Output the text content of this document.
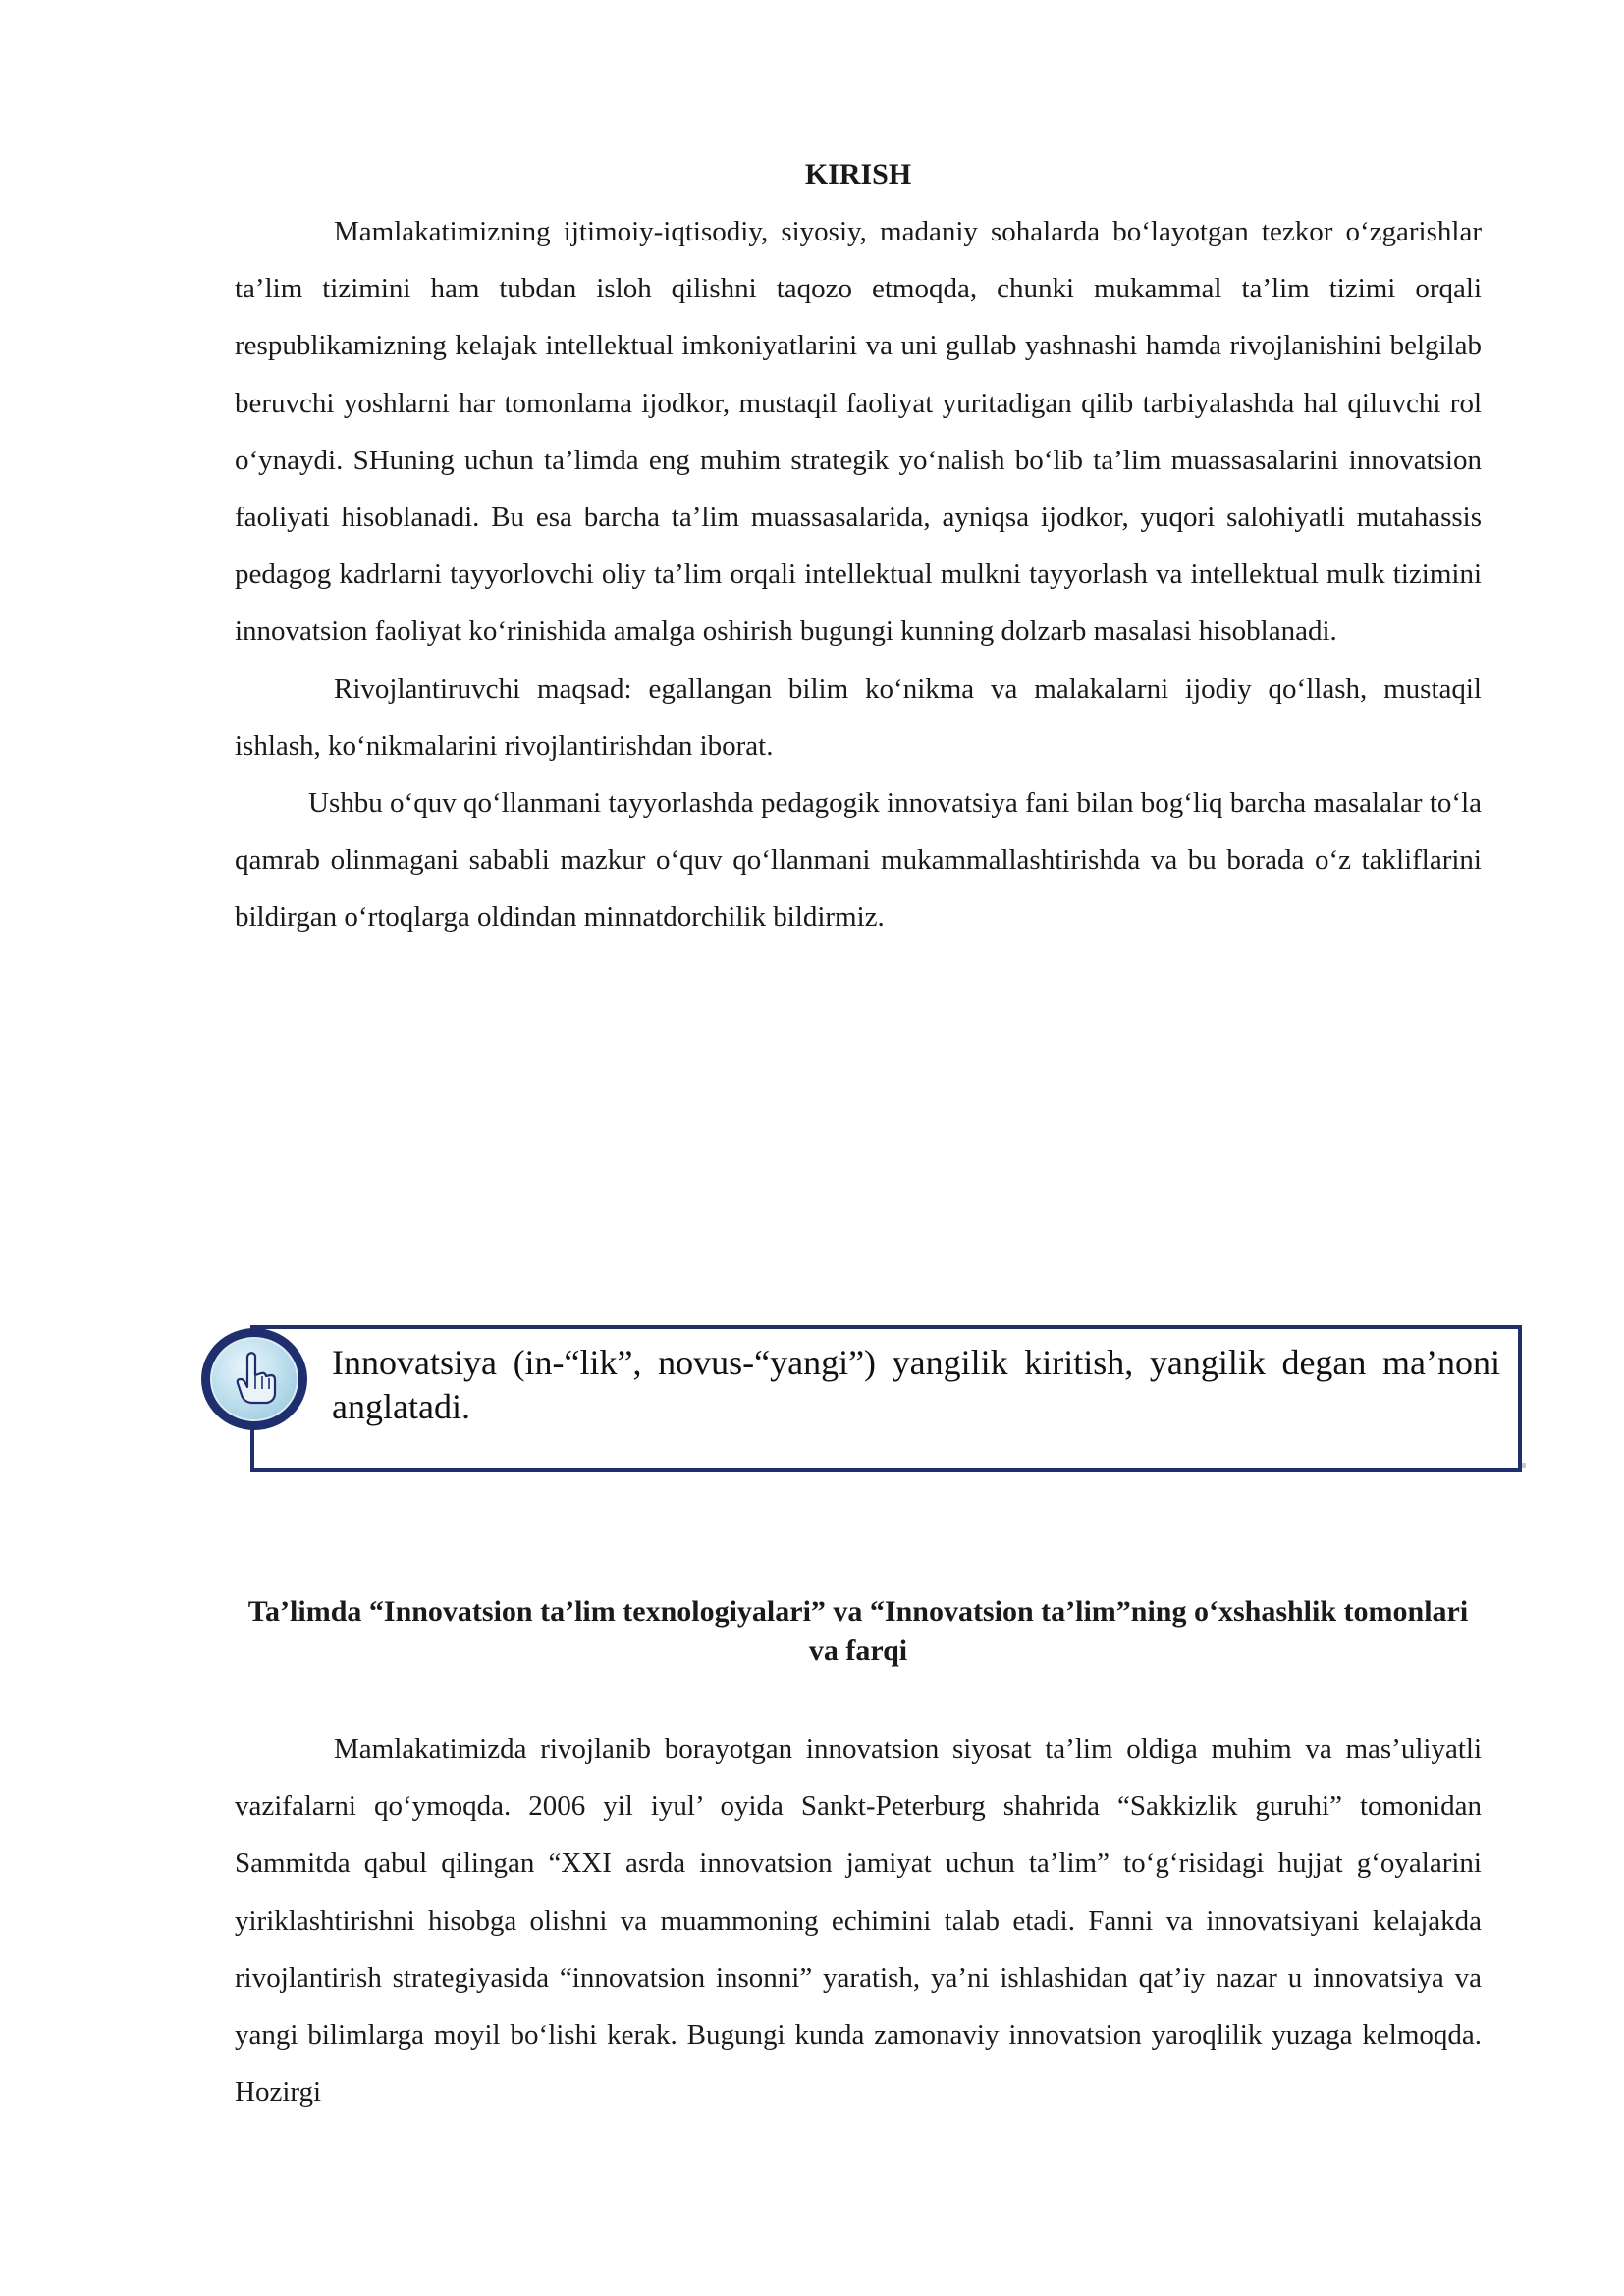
KIRISH

Mamlakatimizning ijtimoiy-iqtisodiy, siyosiy, madaniy sohalarda bo‘layotgan tezkor o‘zgarishlar ta’lim tizimini ham tubdan isloh qilishni taqozo etmoqda, chunki mukammal ta’lim tizimi orqali respublikamizning kelajak intellektual imkoniyatlarini va uni gullab yashnashi hamda rivojlanishini belgilab beruvchi yoshlarni har tomonlama ijodkor, mustaqil faoliyat yuritadigan qilib tarbiyalashda hal qiluvchi rol o‘ynaydi. SHuning uchun ta’limda eng muhim strategik yo‘nalish bo‘lib ta’lim muassasalarini innovatsion faoliyati hisoblanadi. Bu esa barcha ta’lim muassasalarida, ayniqsa ijodkor, yuqori salohiyatli mutahassis pedagog kadrlarni tayyorlovchi oliy ta’lim orqali intellektual mulkni tayyorlash va intellektual mulk tizimini innovatsion faoliyat ko‘rinishida amalga oshirish bugungi kunning dolzarb masalasi hisoblanadi.

Rivojlantiruvchi maqsad: egallangan bilim ko‘nikma va malakalarni ijodiy qo‘llash, mustaqil ishlash, ko‘nikmalarini rivojlantirishdan iborat.

Ushbu o‘quv qo‘llanmani tayyorlashda pedagogik innovatsiya fani bilan bog‘liq barcha masalalar to‘la qamrab olinmagani sababli mazkur o‘quv qo‘llanmani mukammallashtirishda va bu borada o‘z takliflarini bildirgan o‘rtoqlarga oldindan minnatdorchilik bildirmiz.

Innovatsiya (in-“lik”, novus-“yangi”) yangilik kiritish, yangilik degan ma’noni anglatadi.
Ta’limda “Innovatsion ta’lim texnologiyalari” va “Innovatsion ta’lim”ning o‘xshashlik tomonlari va farqi

Mamlakatimizda rivojlanib borayotgan innovatsion siyosat ta’lim oldiga muhim va mas’uliyatli vazifalarni qo‘ymoqda. 2006 yil iyul’ oyida Sankt-Peterburg shahrida “Sakkizlik guruhi” tomonidan Sammitda qabul qilingan “XXI asrda innovatsion jamiyat uchun ta’lim” to‘g‘risidagi hujjat g‘oyalarini yiriklashtirishni hisobga olishni va muammoning echimini talab etadi. Fanni va innovatsiyani kelajakda rivojlantirish strategiyasida “innovatsion insonni” yaratish, ya’ni ishlashidan qat’iy nazar u innovatsiya va yangi bilimlarga moyil bo‘lishi kerak. Bugungi kunda zamonaviy innovatsion yaroqlilik yuzaga kelmoqda. Hozirgi
